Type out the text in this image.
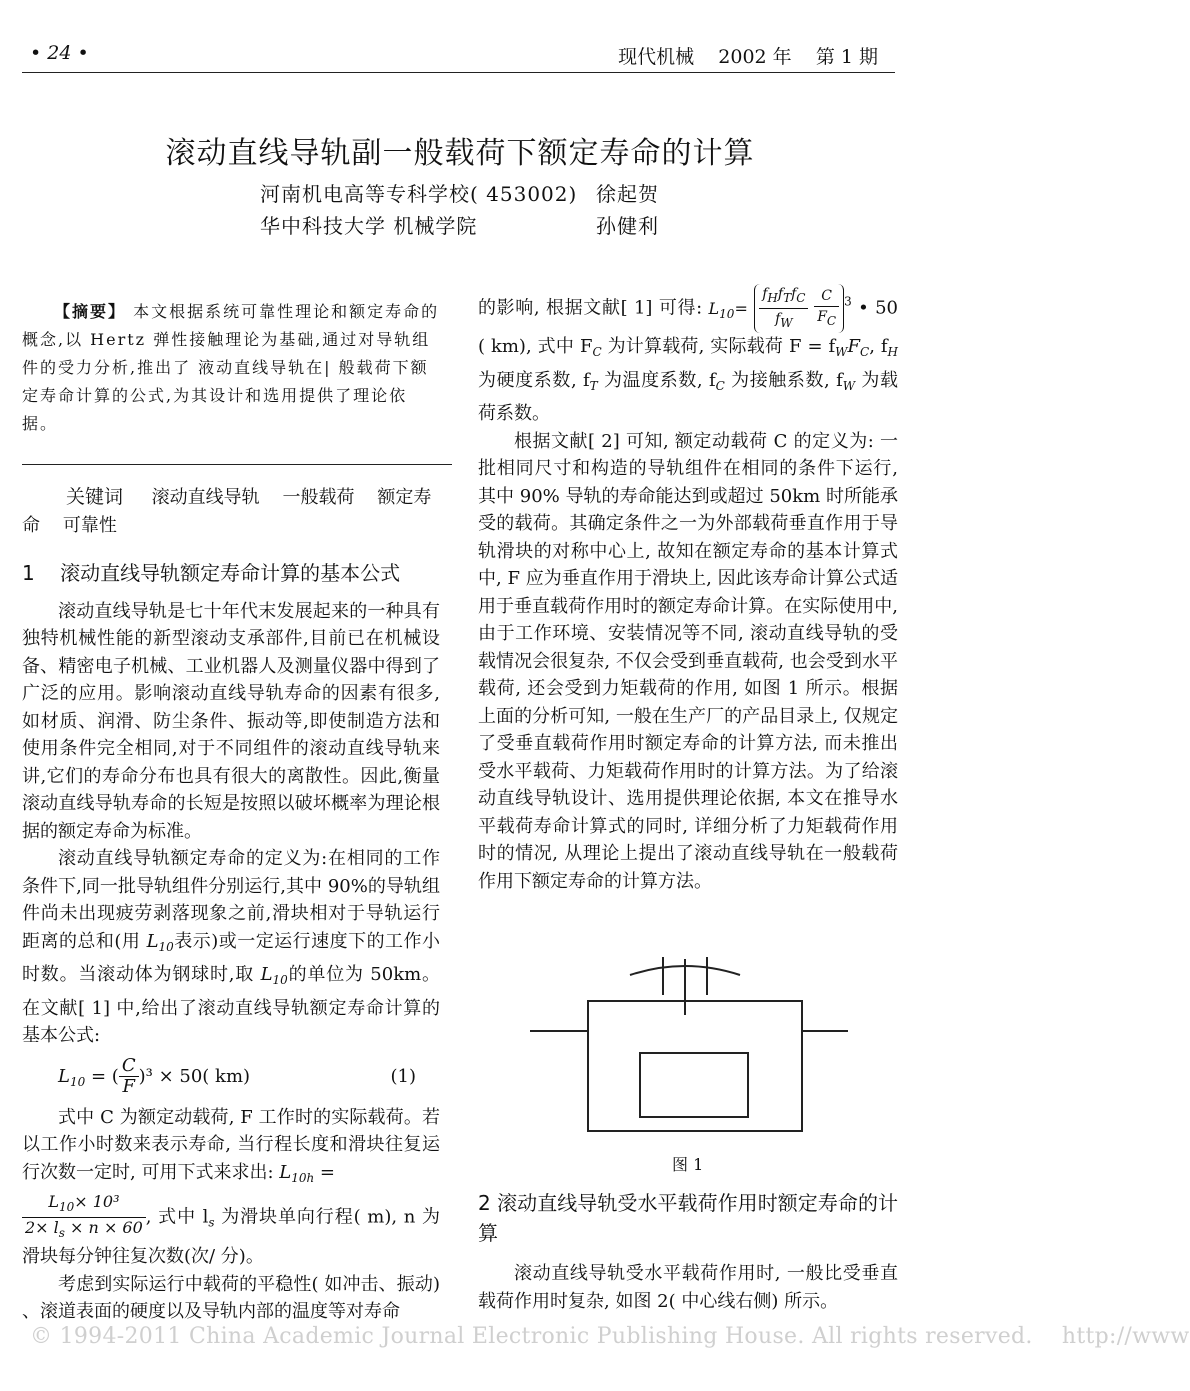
• 24 •	现代机械    2002 年    第 1 期
滚动直线导轨副一般载荷下额定寿命的计算
河南机电高等专科学校( 453002) 徐起贺
华中科技大学 机械学院	孙健利
【摘要】 本文根据系统可靠性理论和额定寿命的概念,以 Hertz 弹性接触理论为基础,通过对导轨组件的受力分析,推出了 液动直线导轨在| 般载荷下额定寿命计算的公式,为其设计和选用提供了理论依据。
关键词 滚动直线导轨    一般载荷    额定寿命    可靠性
1    滚动直线导轨额定寿命计算的基本公式

滚动直线导轨是七十年代末发展起来的一种具有独特机械性能的新型滚动支承部件,目前已在机械设备、精密电子机械、工业机器人及测量仪器中得到了广泛的应用。影响滚动直线导轨寿命的因素有很多,如材质、润滑、防尘条件、振动等,即使制造方法和使用条件完全相同,对于不同组件的滚动直线导轨来讲,它们的寿命分布也具有很大的离散性。因此,衡量滚动直线导轨寿命的长短是按照以破坏概率为理论根据的额定寿命为标准。

滚动直线导轨额定寿命的定义为:在相同的工作条件下,同一批导轨组件分别运行,其中 90%的导轨组件尚未出现疲劳剥落现象之前,滑块相对于导轨运行距离的总和(用 $L_{10}$表示)或一定运行速度下的工作小时数。当滚动体为钢球时,取 $L_{10}$的单位为 50km。在文献[ 1] 中,给出了滚动直线导轨额定寿命计算的基本公式:

$L_{10}$ = ( $\frac{C}{F} )^3 \times 50$( km)	(1)

式中 C 为额定动载荷, F 工作时的实际载荷。若以工作小时数来表示寿命, 当行程长度和滑块往复运行次数一定时, 可用下式来求出: $L_{10h}$ =

$\frac{L_{10}\times 10^3}{2\times l_s \times n \times 60}$ , 式中 $l_s$ 为滑块单向行程( m), n 为滑块每分钟往复次数(次/ 分)。

考虑到实际运行中载荷的平稳性( 如冲击、振动) 、滚道表面的硬度以及导轨内部的温度等对寿命

的影响, 根据文献[ 1] 可得: $L_{10}= \frac{\text{fHfTfC}}{fW}$
$\frac{C}{FC} ^3$ • 50 ( km), 式中 $F_C$ 为计算载荷, 实际载荷 $F = f_WF_C$, $f_H$ 为硬度系数, $f_T$ 为温度系数, $f_C$ 为接触系数, $f_W$ 为载荷系数。

根据文献[ 2] 可知, 额定动载荷 C 的定义为: 一批相同尺寸和构造的导轨组件在相同的条件下运行, 其中 90% 导轨的寿命能达到或超过 50km 时所能承受的载荷。其确定条件之一为外部载荷垂直作用于导轨滑块的对称中心上, 故知在额定寿命的基本计算式中, F 应为垂直作用于滑块上, 因此该寿命计算公式适用于垂直载荷作用时的额定寿命计算。在实际使用中, 由于工作环境、安装情况等不同, 滚动直线导轨的受载情况会很复杂, 不仅会受到垂直载荷, 也会受到水平载荷, 还会受到力矩载荷的作用, 如图 1 所示。根据上面的分析可知, 一般在生产厂的产品目录上, 仅规定了受垂直载荷作用时额定寿命的计算方法, 而未推出受水平载荷、力矩载荷作用时的计算方法。为了给滚动直线导轨设计、选用提供理论依据, 本文在推导水平载荷寿命计算式的同时, 详细分析了力矩载荷作用时的情况, 从理论上提出了滚动直线导轨在一般载荷作用下额定寿命的计算方法。

图 1
2 滚动直线导轨受水平载荷作用时额定寿命的计算

滚动直线导轨受水平载荷作用时, 一般比受垂直载荷作用时复杂, 如图 2( 中心线右侧) 所示。

© 1994-2011 China Academic Journal Electronic Publishing House. All rights reserved.    http://www
